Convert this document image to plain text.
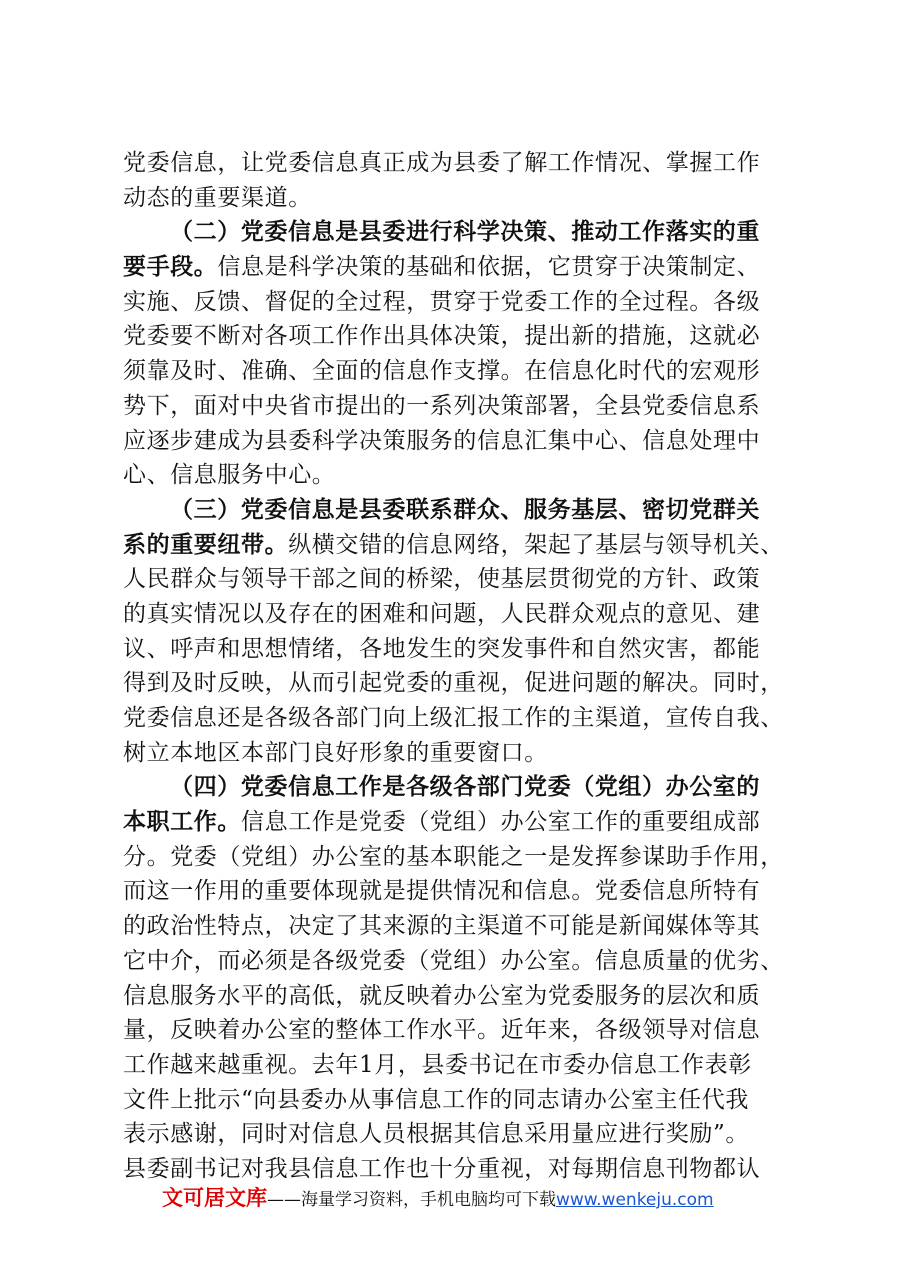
党委信息，让党委信息真正成为县委了解工作情况、掌握工作
动态的重要渠道。
（二）党委信息是县委进行科学决策、推动工作落实的重
要手段。信息是科学决策的基础和依据，它贯穿于决策制定、
实施、反馈、督促的全过程，贯穿于党委工作的全过程。各级
党委要不断对各项工作作出具体决策，提出新的措施，这就必
须靠及时、准确、全面的信息作支撑。在信息化时代的宏观形
势下，面对中央省市提出的一系列决策部署，全县党委信息系
应逐步建成为县委科学决策服务的信息汇集中心、信息处理中
心、信息服务中心。
（三）党委信息是县委联系群众、服务基层、密切党群关
系的重要纽带。纵横交错的信息网络，架起了基层与领导机关、
人民群众与领导干部之间的桥梁，使基层贯彻党的方针、政策
的真实情况以及存在的困难和问题，人民群众观点的意见、建
议、呼声和思想情绪，各地发生的突发事件和自然灾害，都能
得到及时反映，从而引起党委的重视，促进问题的解决。同时，
党委信息还是各级各部门向上级汇报工作的主渠道，宣传自我、
树立本地区本部门良好形象的重要窗口。
（四）党委信息工作是各级各部门党委（党组）办公室的
本职工作。信息工作是党委（党组）办公室工作的重要组成部
分。党委（党组）办公室的基本职能之一是发挥参谋助手作用，
而这一作用的重要体现就是提供情况和信息。党委信息所特有
的政治性特点，决定了其来源的主渠道不可能是新闻媒体等其
它中介，而必须是各级党委（党组）办公室。信息质量的优劣、
信息服务水平的高低，就反映着办公室为党委服务的层次和质
量，反映着办公室的整体工作水平。近年来，各级领导对信息
工作越来越重视。去年1月，县委书记在市委办信息工作表彰
文件上批示“向县委办从事信息工作的同志请办公室主任代我
表示感谢，同时对信息人员根据其信息采用量应进行奖励”。
县委副书记对我县信息工作也十分重视，对每期信息刊物都认
文可居文库——海量学习资料，手机电脑均可下载www.wenkeju.com
